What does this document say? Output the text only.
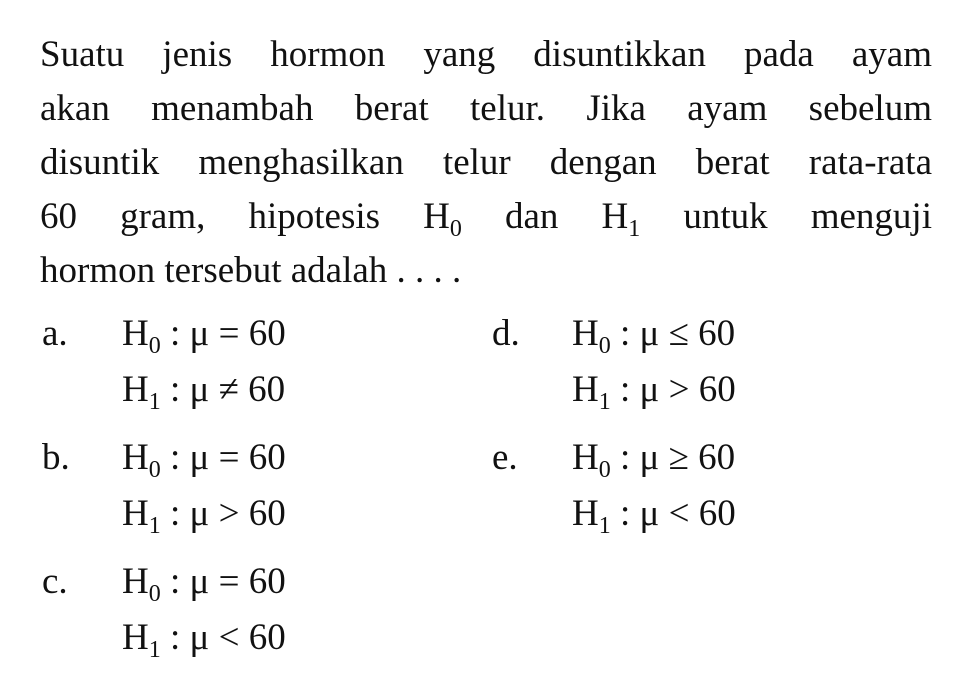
Suatu jenis hormon yang disuntikkan pada ayam
akan menambah berat telur. Jika ayam sebelum
disuntik menghasilkan telur dengan berat rata-rata
60 gram, hipotesis $H_0$ dan $H_1$ untuk menguji
hormon tersebut adalah . . . .
a. $H_0$ : μ = 60
$H_1$ : μ ≠ 60
b. $H_0$ : μ = 60
$H_1$ : μ > 60
c. $H_0$ : μ = 60
$H_1$ : μ < 60
d. $H_0$ : μ ≤ 60
$H_1$ : μ > 60
e. $H_0$ : μ ≥ 60
$H_1$ : μ < 60
